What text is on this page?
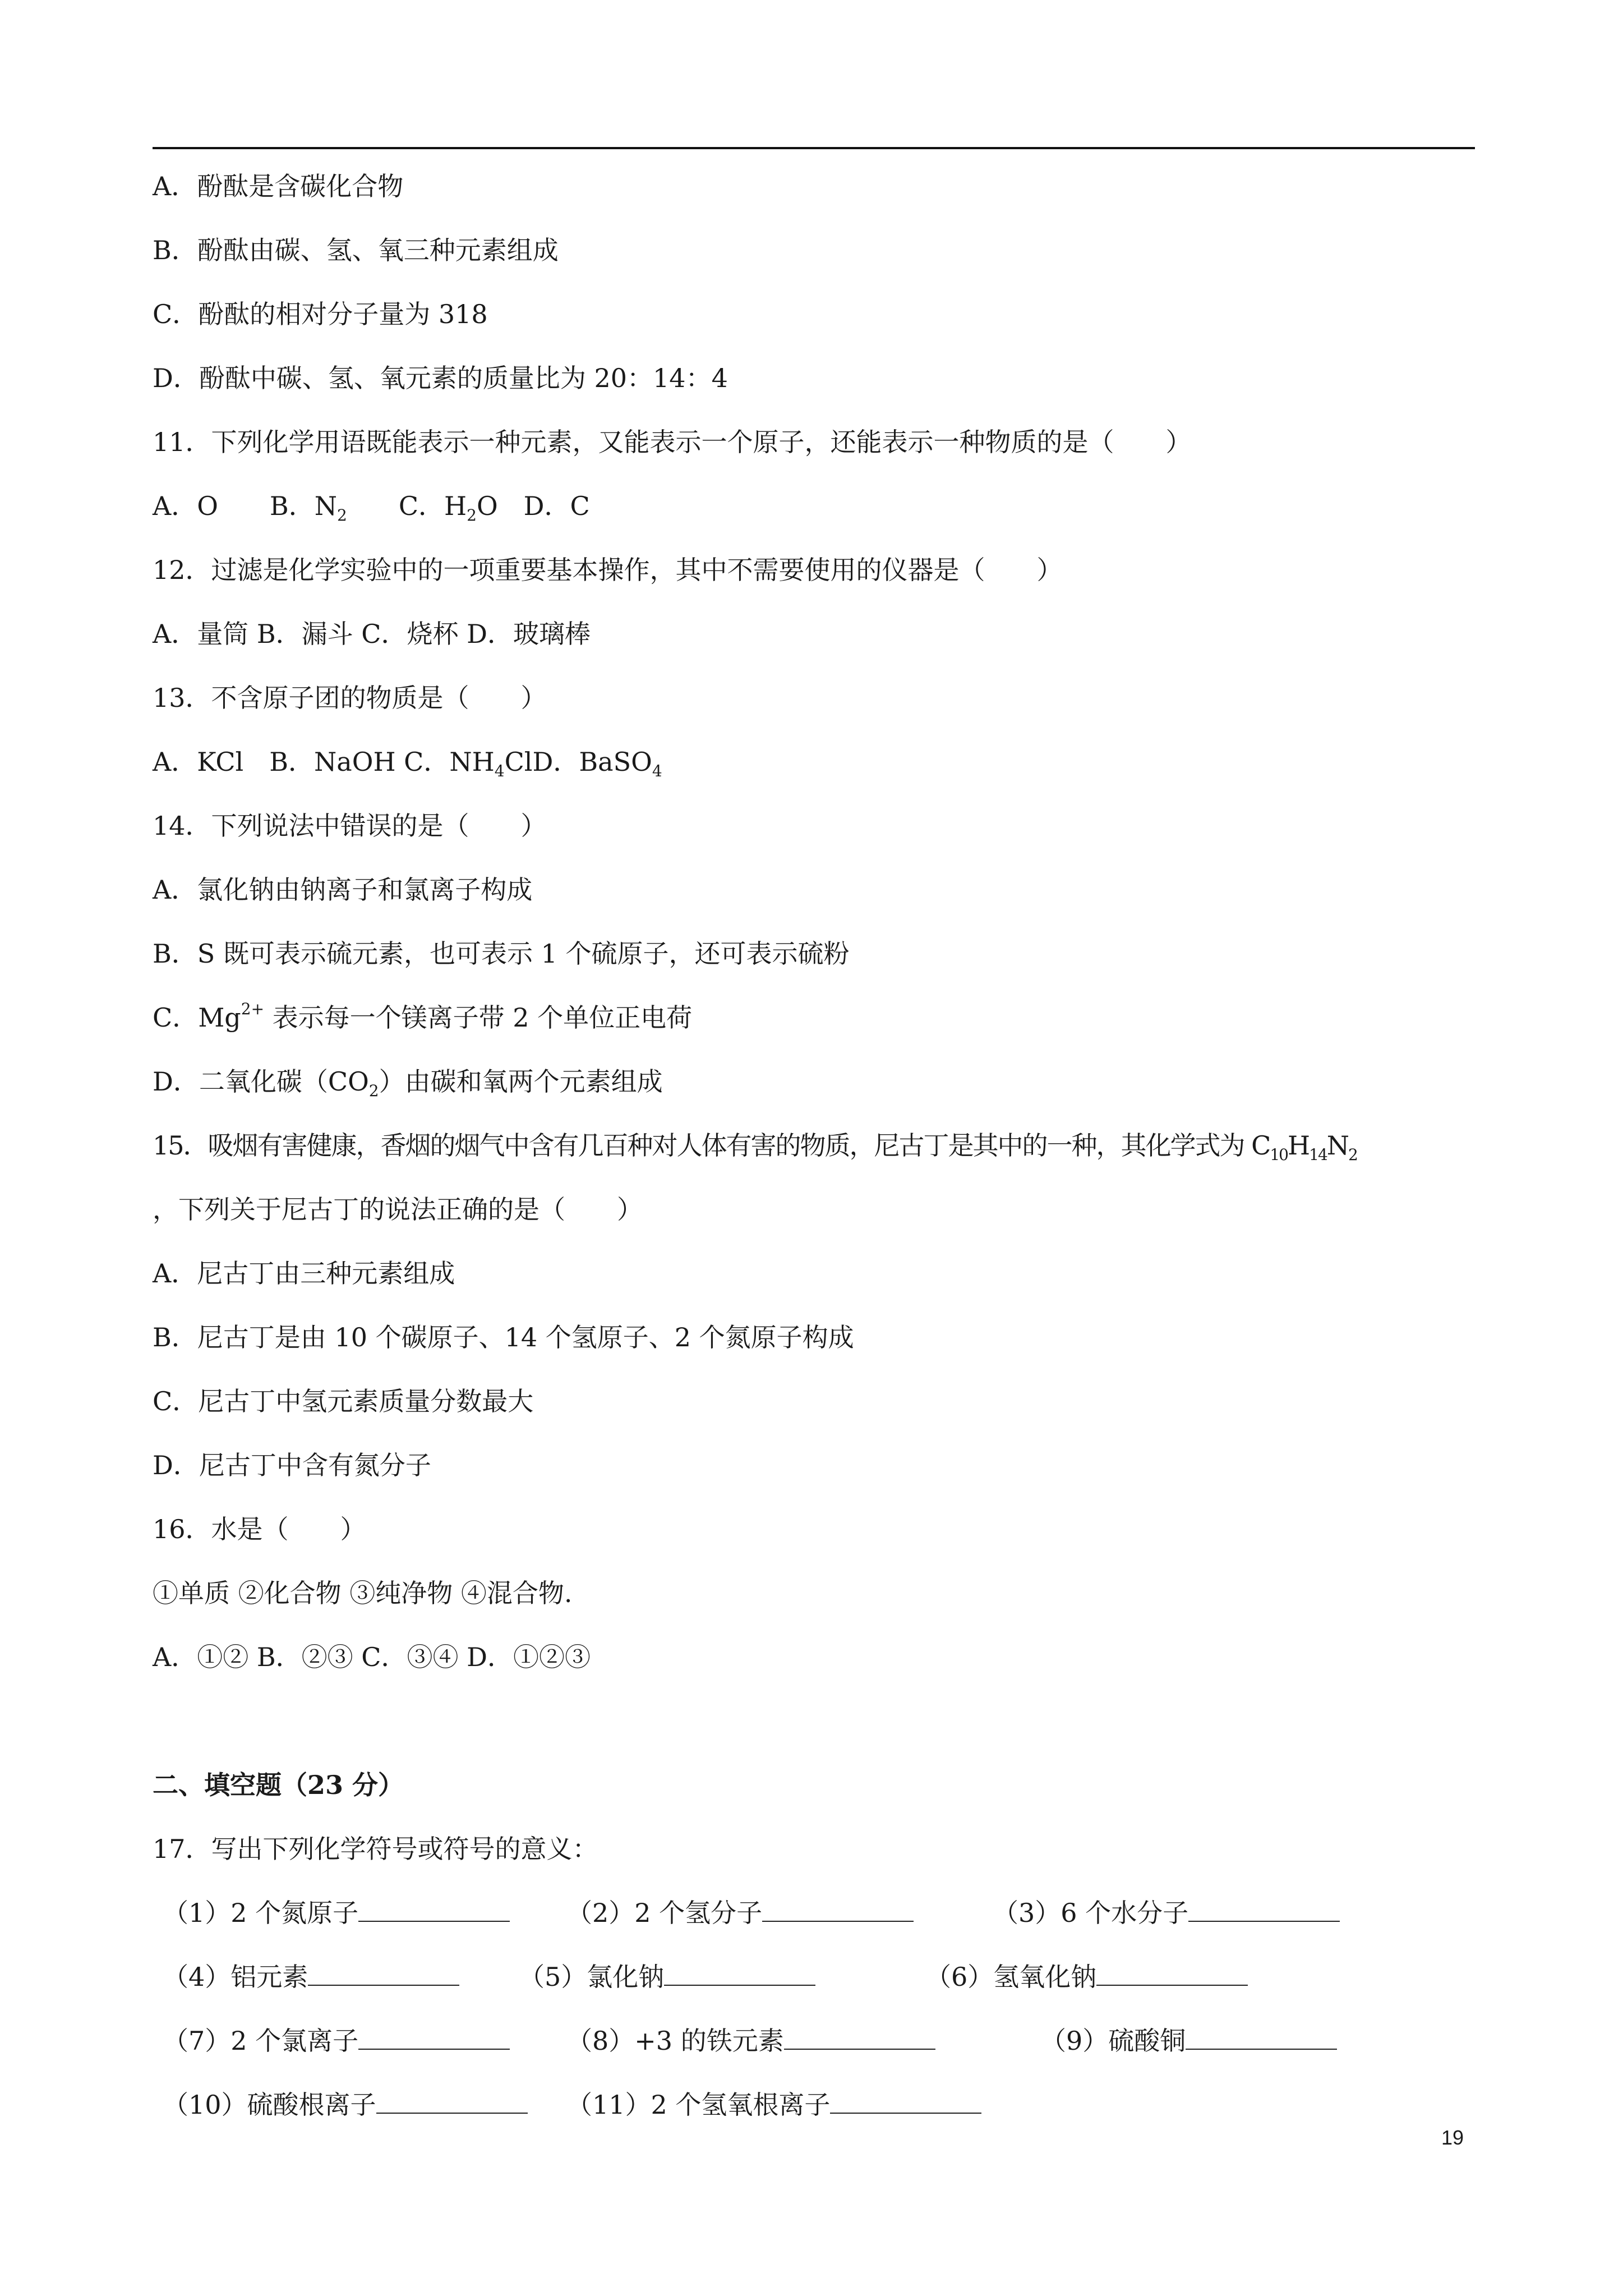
A．酚酞是含碳化合物
B．酚酞由碳、氢、氧三种元素组成
C．酚酞的相对分子量为 318
D．酚酞中碳、氢、氧元素的质量比为 20：14：4
11．下列化学用语既能表示一种元素，又能表示一个原子，还能表示一种物质的是（　　）
A．O　　B．$N_2$　　C．$H_2O$　D．C
12．过滤是化学实验中的一项重要基本操作，其中不需要使用的仪器是（　　）
A．量筒 B．漏斗 C．烧杯 D．玻璃棒
13．不含原子团的物质是（　　）
A．KCl　B．NaOH C．$NH_4ClD$．BaSO$_4$
14．下列说法中错误的是（　　）
A．氯化钠由钠离子和氯离子构成
B．S 既可表示硫元素，也可表示 1 个硫原子，还可表示硫粉
C．$Mg^{2+}$ 表示每一个镁离子带 2 个单位正电荷
D．二氧化碳$(CO_2)$由碳和氧两个元素组成
15．吸烟有害健康，香烟的烟气中含有几百种对人体有害的物质，尼古丁是其中的一种，其化学式为 $C_{10}H_{14}N_2$
，下列关于尼古丁的说法正确的是（　　）
A．尼古丁由三种元素组成
B．尼古丁是由 10 个碳原子、14 个氢原子、2 个氮原子构成
C．尼古丁中氢元素质量分数最大
D．尼古丁中含有氮分子
16．水是（　　）
①单质 ②化合物 ③纯净物 ④混合物.
A．①② B．②③ C．③④ D．①②③
二、填空题（23 分）
17．写出下列化学符号或符号的意义：
（1）2 个氮原子	（2）2 个氢分子	（3）6 个水分子
（4）铝元素	（5）氯化钠	（6）氢氧化钠
（7）2 个氯离子	（8）+3 的铁元素	（9）硫酸铜
（10）硫酸根离子	（11）2 个氢氧根离子
19
